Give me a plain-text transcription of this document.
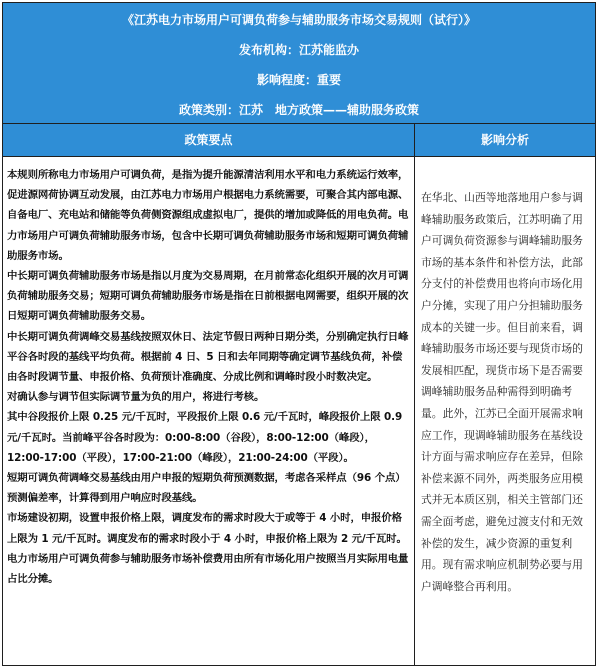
《江苏电力市场用户可调负荷参与辅助服务市场交易规则（试行）》
发布机构：江苏能监办
影响程度：重要
政策类别：江苏　地方政策——辅助服务政策
政策要点	影响分析

本规则所称电力市场用户可调负荷，是指为提升能源清洁利用水平和电力系统运行效率，促进源网荷协调互动发展，由江苏电力市场用户根据电力系统需要，可聚合其内部电源、自备电厂、充电站和储能等负荷侧资源组成虚拟电厂，提供的增加或降低的用电负荷。电力市场用户可调负荷辅助服务市场，包含中长期可调负荷辅助服务市场和短期可调负荷辅助服务市场。

中长期可调负荷辅助服务市场是指以月度为交易周期，在月前常态化组织开展的次月可调负荷辅助服务交易；短期可调负荷辅助服务市场是指在日前根据电网需要，组织开展的次日短期可调负荷辅助服务交易。

中长期可调负荷调峰交易基线按照双休日、法定节假日两种日期分类，分别确定执行日峰平谷各时段的基线平均负荷。根据前 4 日、5 日和去年同期等确定调节基线负荷，补偿由各时段调节量、申报价格、负荷预计准确度、分成比例和调峰时段小时数决定。

对确认参与调节但实际调节量为负的用户，将进行考核。

其中谷段报价上限 0.25 元/千瓦时，平段报价上限 0.6 元/千瓦时，峰段报价上限 0.9 元/千瓦时。当前峰平谷各时段为：0:00-8:00（谷段），8:00-12:00（峰段），12:00-17:00（平段），17:00-21:00（峰段），21:00-24:00（平段）。

短期可调负荷调峰交易基线由用户申报的短期负荷预测数据，考虑各采样点（96 个点）预测偏差率，计算得到用户响应时段基线。

市场建设初期，设置申报价格上限，调度发布的需求时段大于或等于 4 小时，申报价格上限为 1 元/千瓦时。调度发布的需求时段小于 4 小时，申报价格上限为 2 元/千瓦时。

电力市场用户可调负荷参与辅助服务市场补偿费用由所有市场化用户按照当月实际用电量占比分摊。

在华北、山西等地落地用户参与调峰辅助服务政策后，江苏明确了用户可调负荷资源参与调峰辅助服务市场的基本条件和补偿方法，此部分支付的补偿费用也将向市场化用户分摊，实现了用户分担辅助服务成本的关键一步。但目前来看，调峰辅助服务市场还要与现货市场的发展相匹配，现货市场下是否需要调峰辅助服务品种需得到明确考量。此外，江苏已全面开展需求响应工作，现调峰辅助服务在基线设计方面与需求响应存在差异，但除补偿来源不同外，两类服务应用模式并无本质区别，相关主管部门还需全面考虑，避免过渡支付和无效补偿的发生，减少资源的重复利用。现有需求响应机制势必要与用户调峰整合再利用。
